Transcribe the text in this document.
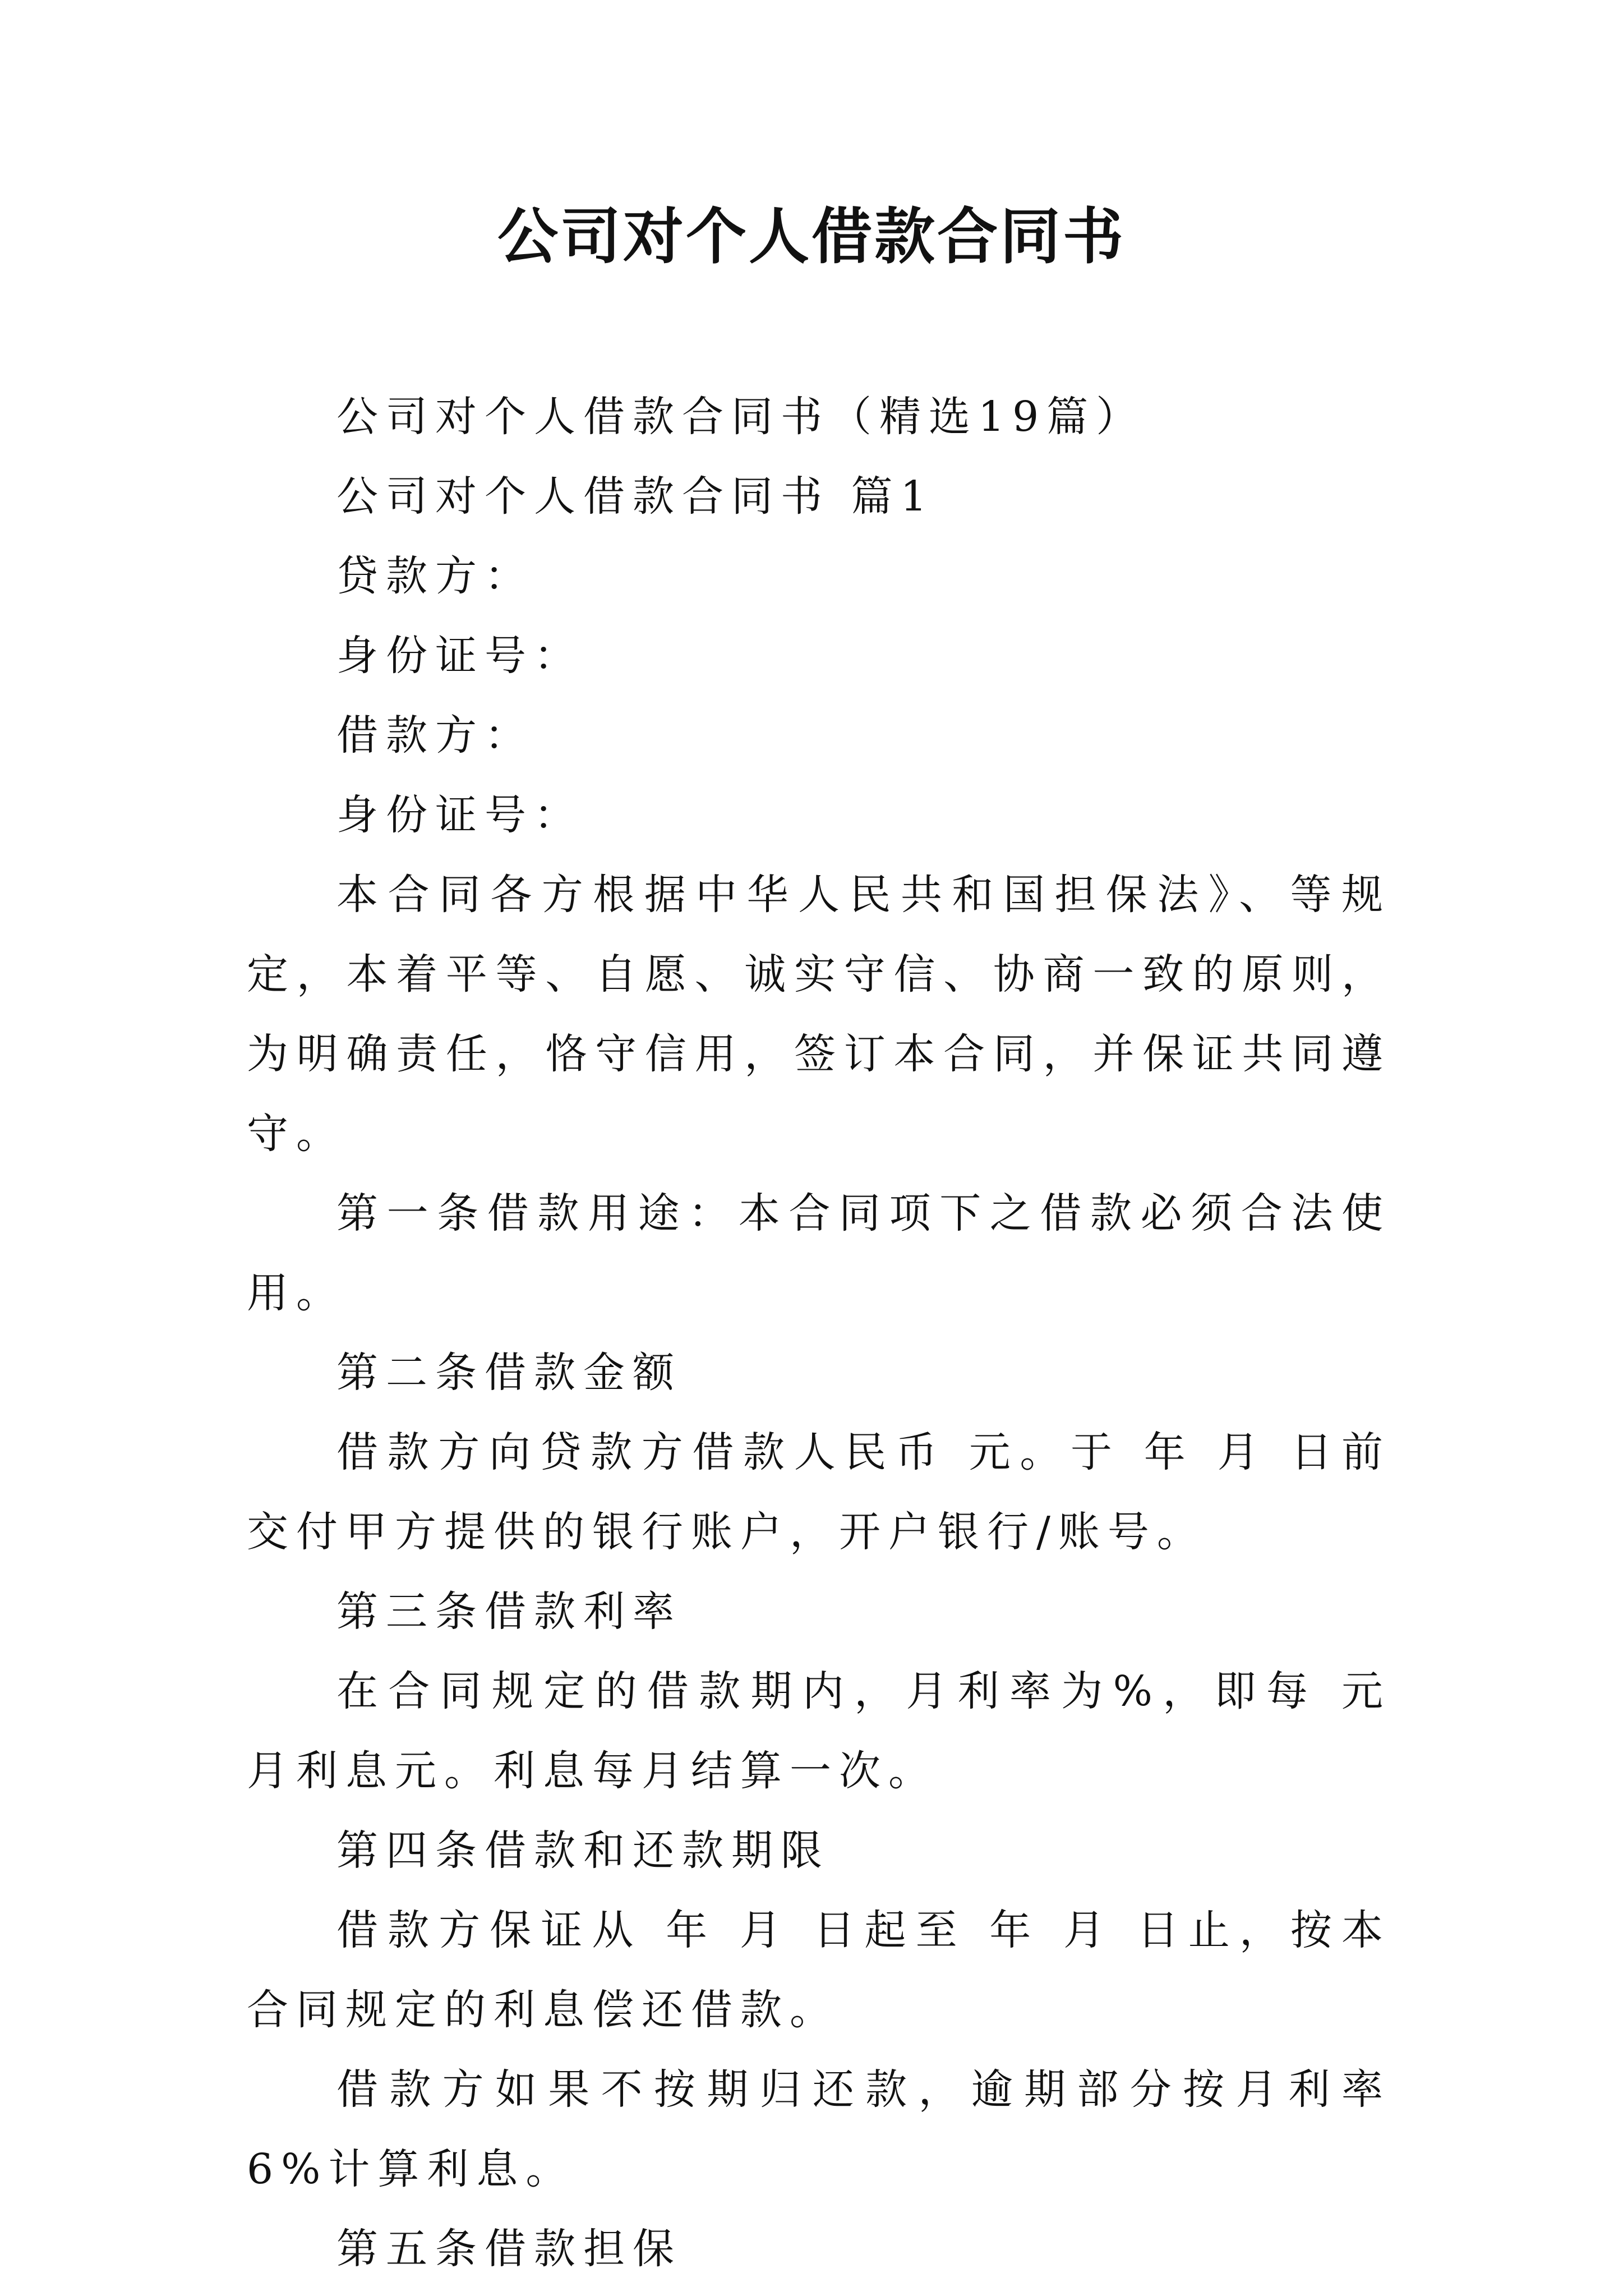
公司对个人借款合同书

公司对个人借款合同书（精选19篇）

公司对个人借款合同书 篇1

贷款方：

身份证号：

借款方：

身份证号：

本合同各方根据中华人民共和国担保法》、等规定，本着平等、自愿、诚实守信、协商一致的原则，为明确责任，恪守信用，签订本合同，并保证共同遵守。

第一条借款用途：本合同项下之借款必须合法使用。

第二条借款金额

借款方向贷款方借款人民币 元。于 年 月 日前交付甲方提供的银行账户，开户银行/账号。

第三条借款利率

在合同规定的借款期内，月利率为%，即每 元月利息元。利息每月结算一次。

第四条借款和还款期限

借款方保证从 年 月 日起至 年 月 日止，按本合同规定的利息偿还借款。

借款方如果不按期归还款，逾期部分按月利率6%计算利息。

第五条借款担保
